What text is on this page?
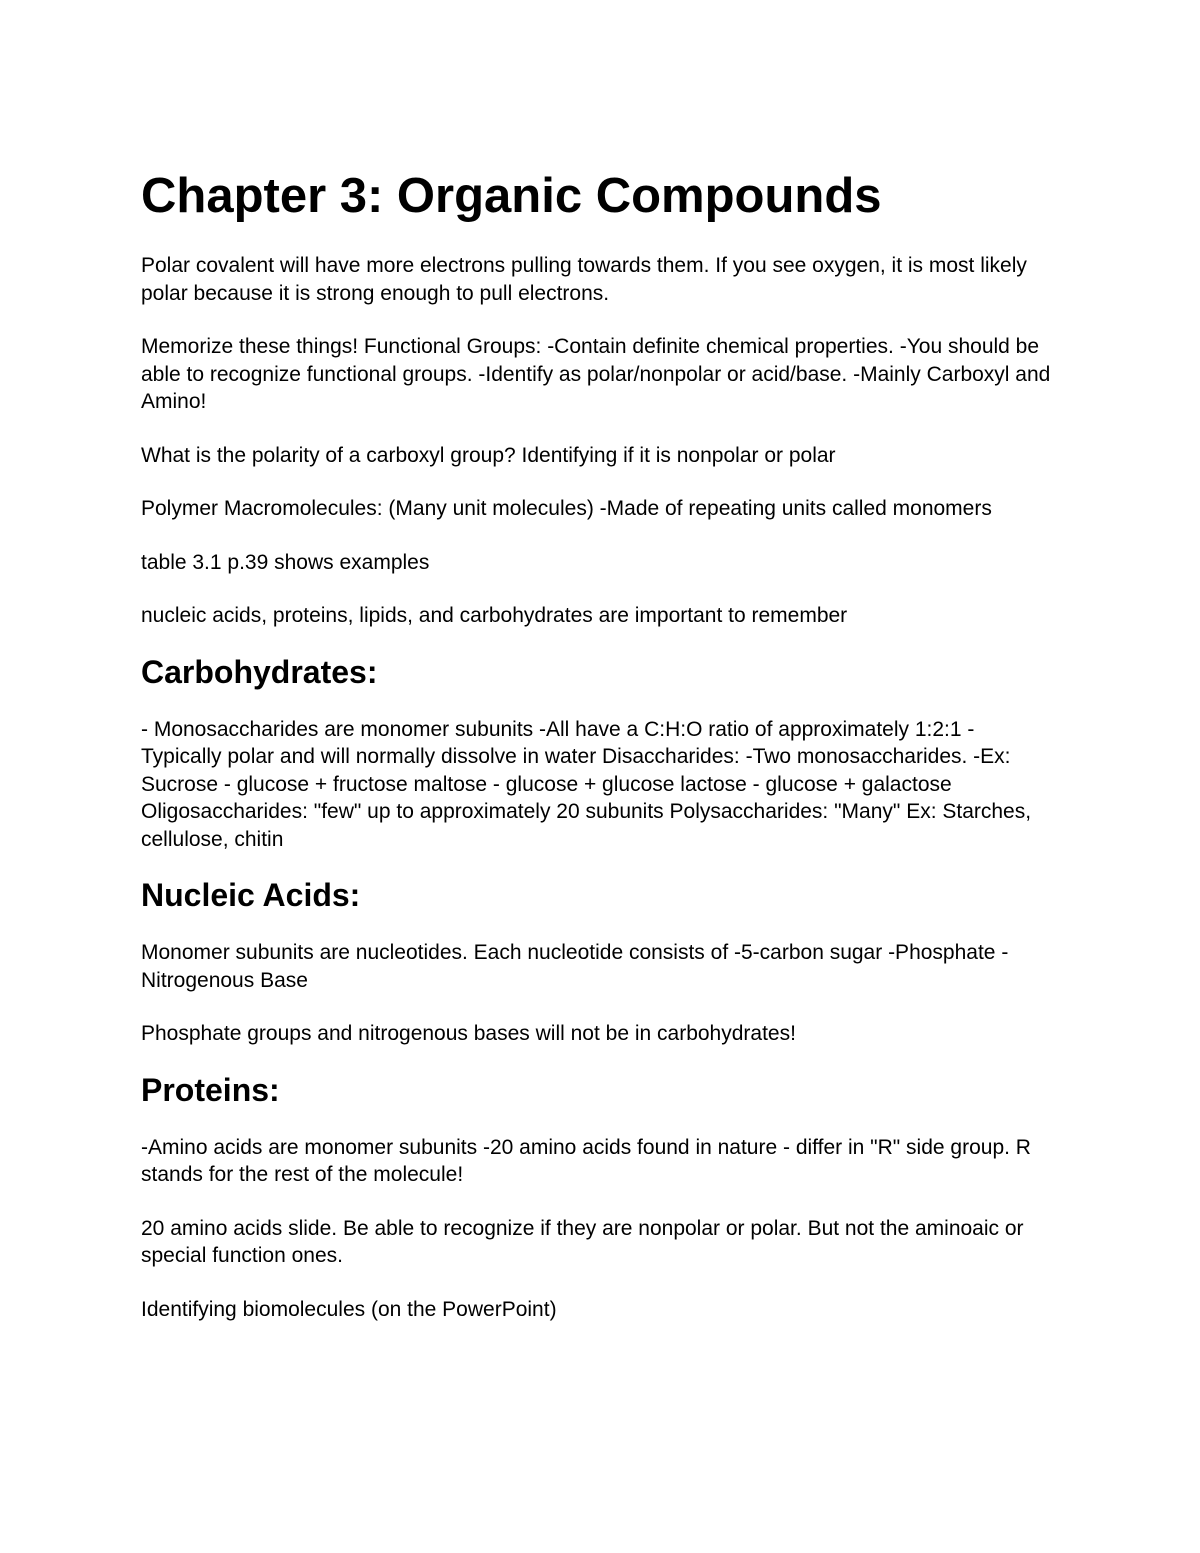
Chapter 3: Organic Compounds

Polar covalent will have more electrons pulling towards them. If you see oxygen, it is most likely polar because it is strong enough to pull electrons.

Memorize these things! Functional Groups: -Contain definite chemical properties. -You should be able to recognize functional groups. -Identify as polar/nonpolar or acid/base. -Mainly Carboxyl and Amino!

What is the polarity of a carboxyl group? Identifying if it is nonpolar or polar

Polymer Macromolecules: (Many unit molecules) -Made of repeating units called monomers

table 3.1 p.39 shows examples

nucleic acids, proteins, lipids, and carbohydrates are important to remember

Carbohydrates:

- Monosaccharides are monomer subunits -All have a C:H:O ratio of approximately 1:2:1 -Typically polar and will normally dissolve in water Disaccharides: -Two monosaccharides. -Ex: Sucrose - glucose + fructose maltose - glucose + glucose lactose - glucose + galactose Oligosaccharides: "few" up to approximately 20 subunits Polysaccharides: "Many" Ex: Starches, cellulose, chitin

Nucleic Acids:

Monomer subunits are nucleotides. Each nucleotide consists of -5-carbon sugar -Phosphate -Nitrogenous Base

Phosphate groups and nitrogenous bases will not be in carbohydrates!

Proteins:

-Amino acids are monomer subunits -20 amino acids found in nature - differ in "R" side group. R stands for the rest of the molecule!

20 amino acids slide. Be able to recognize if they are nonpolar or polar. But not the aminoaic or special function ones.

Identifying biomolecules (on the PowerPoint)
